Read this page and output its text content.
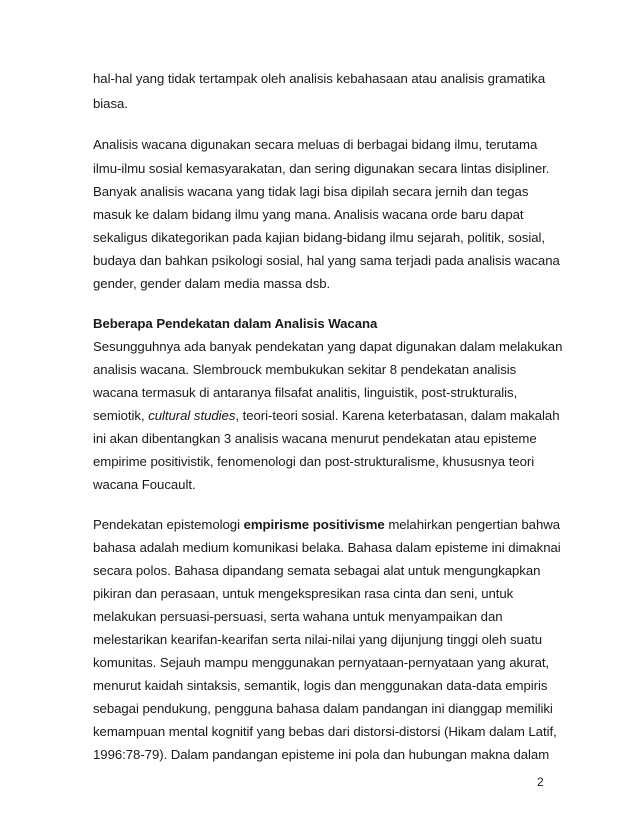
hal-hal yang tidak tertampak oleh analisis kebahasaan atau analisis gramatika
biasa.
Analisis wacana digunakan secara meluas di berbagai bidang ilmu, terutama
ilmu-ilmu sosial kemasyarakatan, dan sering digunakan secara lintas disipliner.
Banyak analisis wacana yang tidak lagi bisa dipilah secara jernih dan tegas
masuk ke dalam bidang ilmu yang mana. Analisis wacana orde baru dapat
sekaligus dikategorikan pada kajian bidang-bidang ilmu sejarah, politik, sosial,
budaya dan bahkan psikologi sosial, hal yang sama terjadi pada analisis wacana
gender, gender dalam media massa dsb.
Beberapa Pendekatan dalam Analisis Wacana
Sesungguhnya ada banyak pendekatan yang dapat digunakan dalam melakukan
analisis wacana. Slembrouck membukukan sekitar 8 pendekatan analisis
wacana termasuk di antaranya filsafat analitis, linguistik, post-strukturalis,
semiotik, cultural studies, teori-teori sosial. Karena keterbatasan, dalam makalah
ini akan dibentangkan 3 analisis wacana menurut pendekatan atau episteme
empirime positivistik, fenomenologi dan post-strukturalisme, khususnya teori
wacana Foucault.
Pendekatan epistemologi empirisme positivisme melahirkan pengertian bahwa
bahasa adalah medium komunikasi belaka. Bahasa dalam episteme ini dimaknai
secara polos. Bahasa dipandang semata sebagai alat untuk mengungkapkan
pikiran dan perasaan, untuk mengekspresikan rasa cinta dan seni, untuk
melakukan persuasi-persuasi, serta wahana untuk menyampaikan dan
melestarikan kearifan-kearifan serta nilai-nilai yang dijunjung tinggi oleh suatu
komunitas. Sejauh mampu menggunakan pernyataan-pernyataan yang akurat,
menurut kaidah sintaksis, semantik, logis dan menggunakan data-data empiris
sebagai pendukung, pengguna bahasa dalam pandangan ini dianggap memiliki
kemampuan mental kognitif yang bebas dari distorsi-distorsi (Hikam dalam Latif,
1996:78-79). Dalam pandangan episteme ini pola dan hubungan makna dalam
2
